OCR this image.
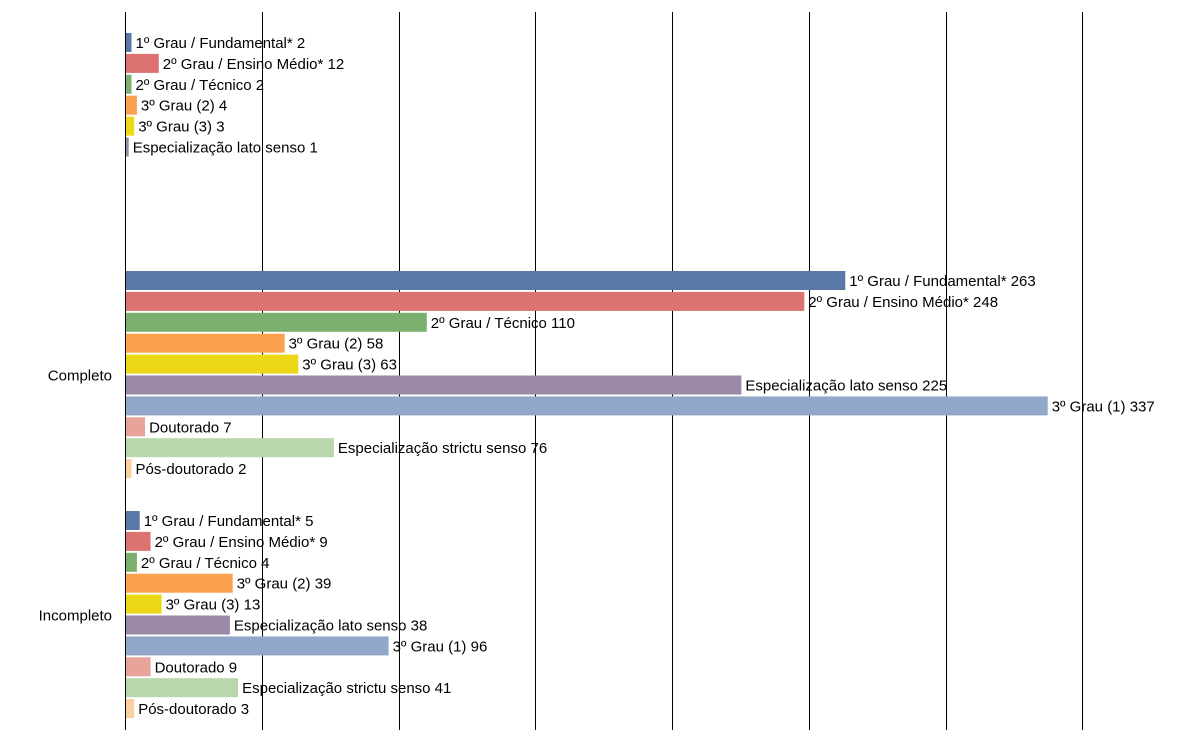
1º Grau / Fundamental* 2
2º Grau / Ensino Médio* 12
2º Grau / Técnico 2
3º Grau (2) 4
3º Grau (3) 3
Especialização lato senso 1
1º Grau / Fundamental* 263
2º Grau / Ensino Médio* 248
2º Grau / Técnico 110
3º Grau (2) 58
3º Grau (3) 63
Especialização lato senso 225
3º Grau (1) 337
Doutorado 7
Especialização strictu senso 76
Pós-doutorado 2
1º Grau / Fundamental* 5
2º Grau / Ensino Médio* 9
2º Grau / Técnico 4
3º Grau (2) 39
3º Grau (3) 13
Especialização lato senso 38
3º Grau (1) 96
Doutorado 9
Especialização strictu senso 41
Pós-doutorado 3
Completo
Incompleto
